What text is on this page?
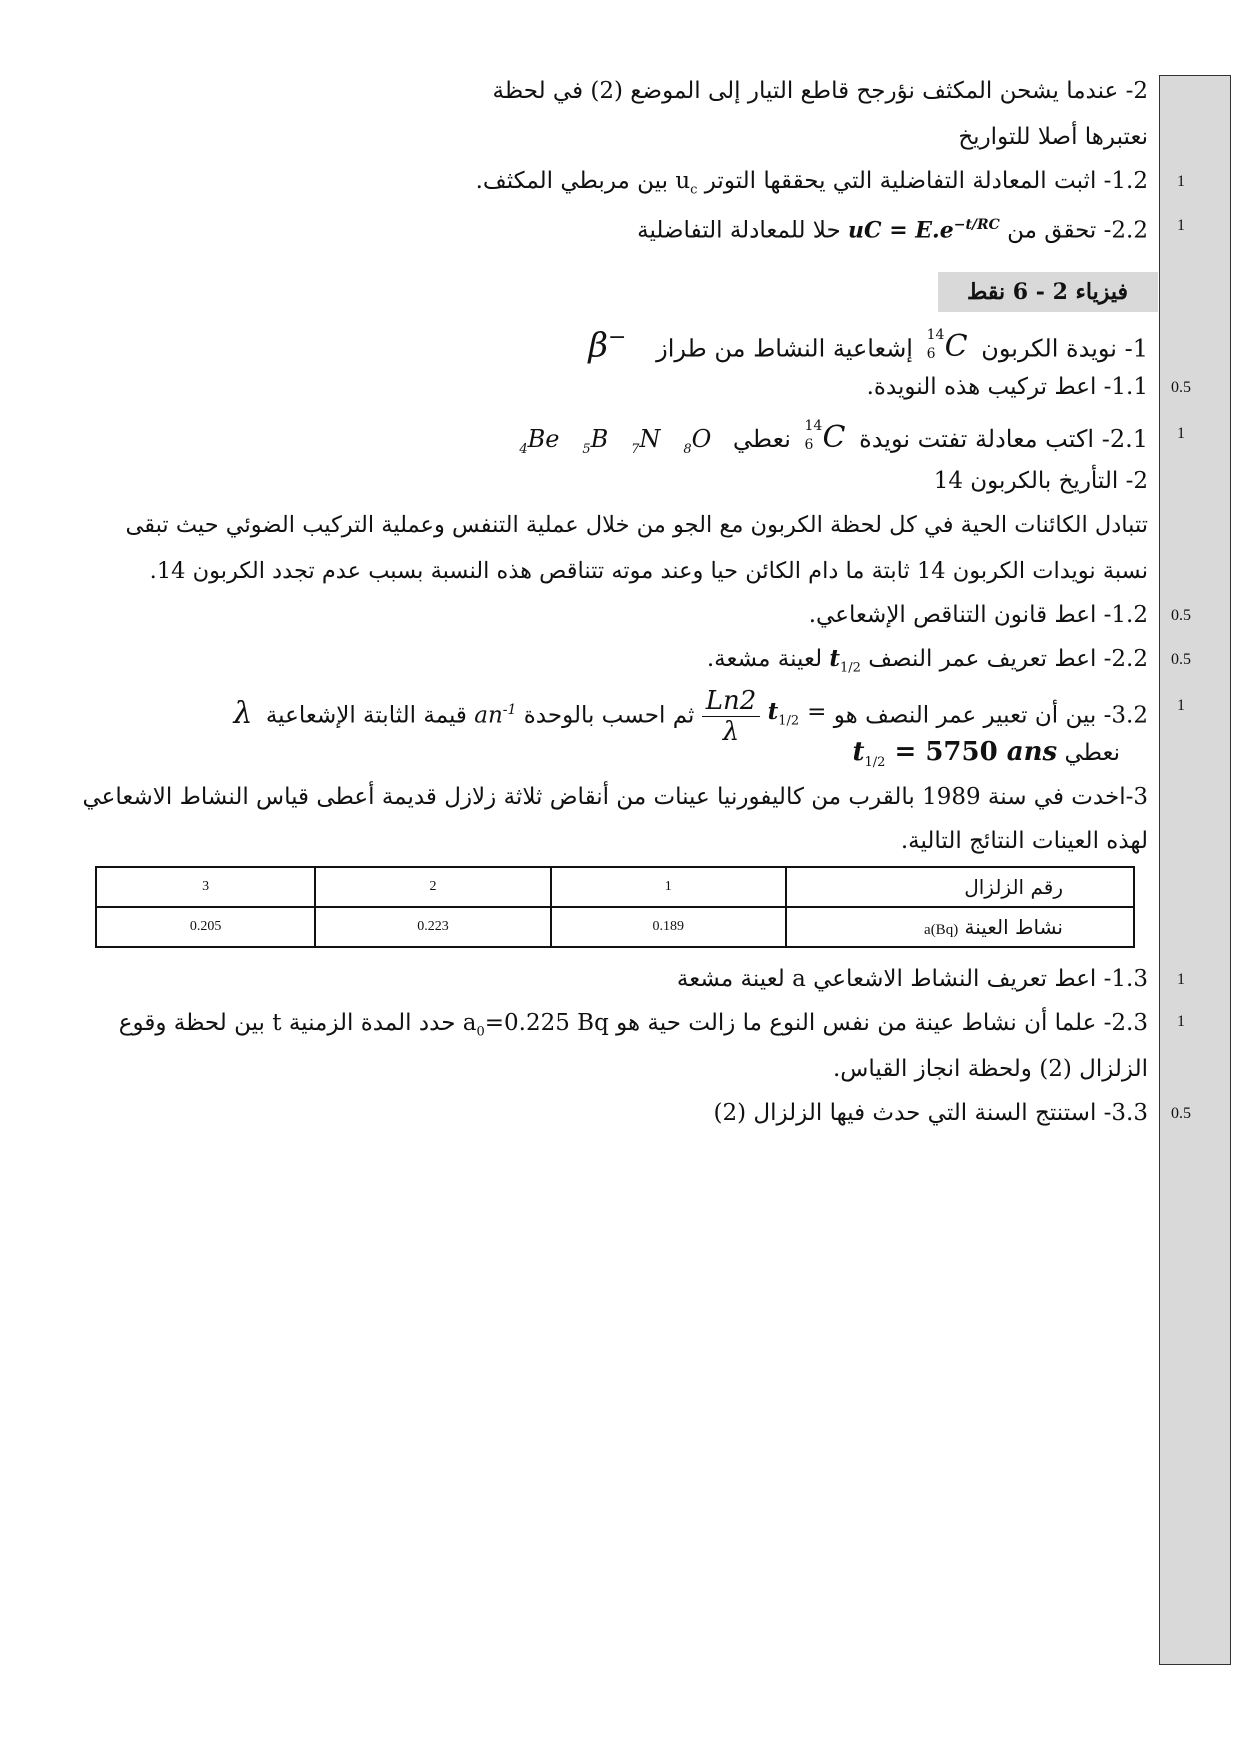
2- عندما يشحن المكثف نؤرجح قاطع التيار إلى الموضع (2) في لحظة
نعتبرها أصلا للتواريخ
1.2- اثبت المعادلة التفاضلية التي يحققها التوتر $u_c$ بين مربطي المكثف.	1
2.2- تحقق من uC = $E.e^{-t/RC}$ حلا للمعادلة التفاضلية	1
فيزياء 2 - 6 نقط
1- نويدة الكربون
14
6 C إشعاعية النشاط من طراز β−
1.1- اعط تركيب هذه النويدة.	0.5
2.1- اكتب معادلة تفتت نويدة
14
6 C نعطي $_4$Be $_5$B $_7$N $_8$O	1
2- التأريخ بالكربون 14
تتبادل الكائنات الحية في كل لحظة الكربون مع الجو من خلال عملية التنفس وعملية التركيب الضوئي حيث تبقى
نسبة نويدات الكربون 14 ثابتة ما دام الكائن حيا وعند موته تتناقص هذه النسبة بسبب عدم تجدد الكربون 14.
1.2- اعط قانون التناقص الإشعاعي.	0.5
2.2- اعط تعريف عمر النصف $t_{1/2}$ لعينة مشعة.	0.5
3.2- بين أن تعبير عمر النصف هو $t_{1/2}$ =
$\frac{Ln2}{\lambda}$
ثم احسب بالوحدة $an^{-1}$ قيمة الثابتة الإشعاعية λ	1
نعطي $t_{1/2} = 5750$ ans
3-اخدت في سنة 1989 بالقرب من كاليفورنيا عينات من أنقاض ثلاثة زلازل قديمة أعطى قياس النشاط الاشعاعي
لهذه العينات النتائج التالية.
رقم الزلزال	1	2	3
نشاط العينة a(Bq)	0.189	0.223	0.205
1.3- اعط تعريف النشاط الاشعاعي a لعينة مشعة	1
2.3- علما أن نشاط عينة من نفس النوع ما زالت حية هو $a_0=0.225$ Bq حدد المدة الزمنية t بين لحظة وقوع	1
الزلزال (2) ولحظة انجاز القياس.
3.3- استنتج السنة التي حدث فيها الزلزال (2)	0.5
